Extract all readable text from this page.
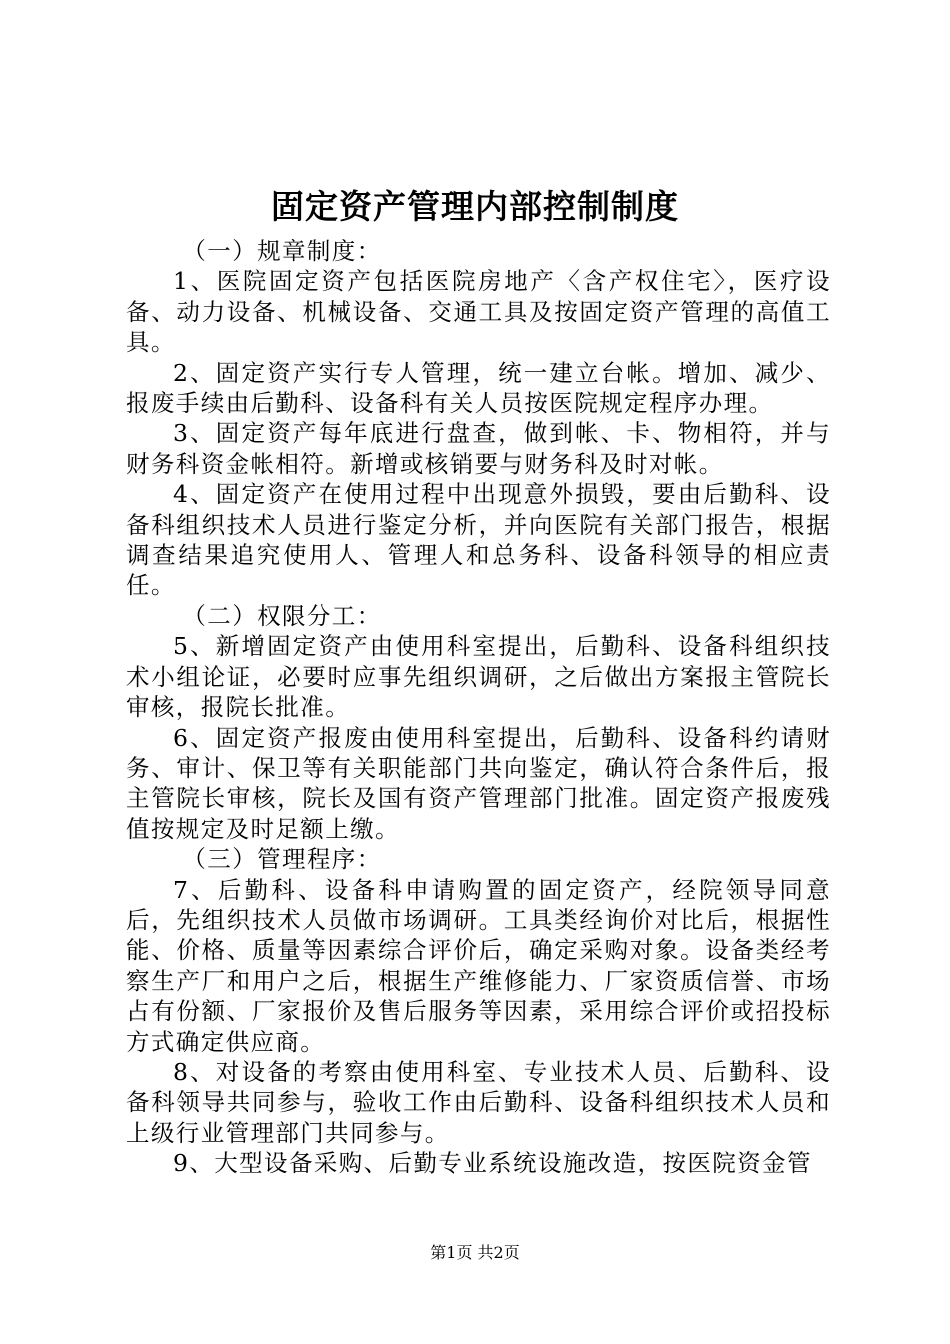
固定资产管理内部控制制度

（一）规章制度：

1、医院固定资产包括医院房地产〈含产权住宅〉，医疗设备、动力设备、机械设备、交通工具及按固定资产管理的高值工具。

2、固定资产实行专人管理，统一建立台帐。增加、减少、报废手续由后勤科、设备科有关人员按医院规定程序办理。

3、固定资产每年底进行盘查，做到帐、卡、物相符，并与财务科资金帐相符。新增或核销要与财务科及时对帐。

4、固定资产在使用过程中出现意外损毁，要由后勤科、设备科组织技术人员进行鉴定分析，并向医院有关部门报告，根据调查结果追究使用人、管理人和总务科、设备科领导的相应责任。

（二）权限分工：

5、新增固定资产由使用科室提出，后勤科、设备科组织技术小组论证，必要时应事先组织调研，之后做出方案报主管院长审核，报院长批准。

6、固定资产报废由使用科室提出，后勤科、设备科约请财务、审计、保卫等有关职能部门共向鉴定，确认符合条件后，报主管院长审核，院长及国有资产管理部门批准。固定资产报废残值按规定及时足额上缴。

（三）管理程序：

7、后勤科、设备科申请购置的固定资产，经院领导同意后，先组织技术人员做市场调研。工具类经询价对比后，根据性能、价格、质量等因素综合评价后，确定采购对象。设备类经考察生产厂和用户之后，根据生产维修能力、厂家资质信誉、市场占有份额、厂家报价及售后服务等因素，采用综合评价或招投标方式确定供应商。

8、对设备的考察由使用科室、专业技术人员、后勤科、设备科领导共同参与，验收工作由后勤科、设备科组织技术人员和上级行业管理部门共同参与。

9、大型设备采购、后勤专业系统设施改造，按医院资金管

第1页 共2页
